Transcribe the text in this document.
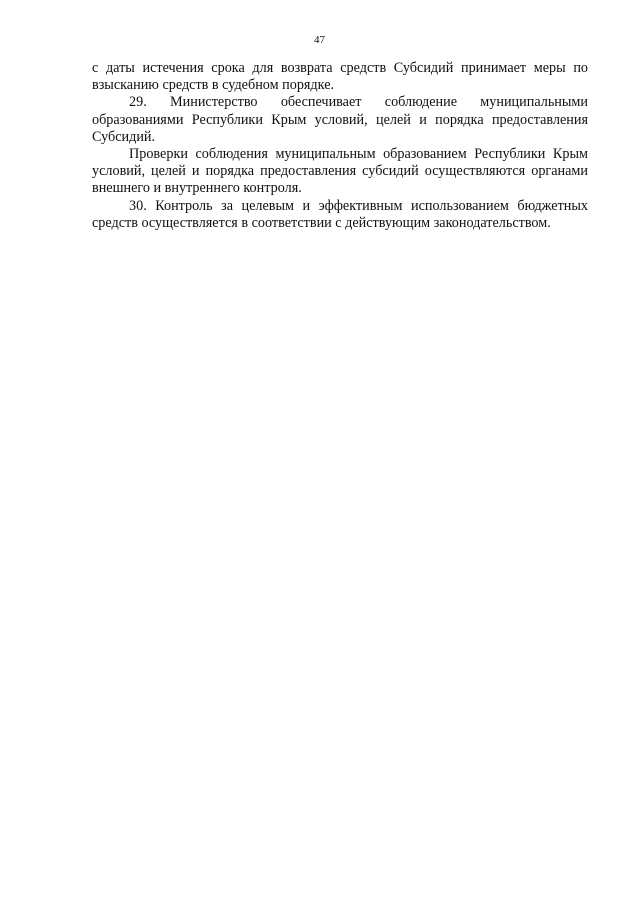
47

с даты истечения срока для возврата средств Субсидий принимает меры по взысканию средств в судебном порядке.

29. Министерство обеспечивает соблюдение муниципальными образованиями Республики Крым условий, целей и порядка предоставления Субсидий.

Проверки соблюдения муниципальным образованием Республики Крым условий, целей и порядка предоставления субсидий осуществляются органами внешнего и внутреннего контроля.

30. Контроль за целевым и эффективным использованием бюджетных средств осуществляется в соответствии с действующим законодательством.
